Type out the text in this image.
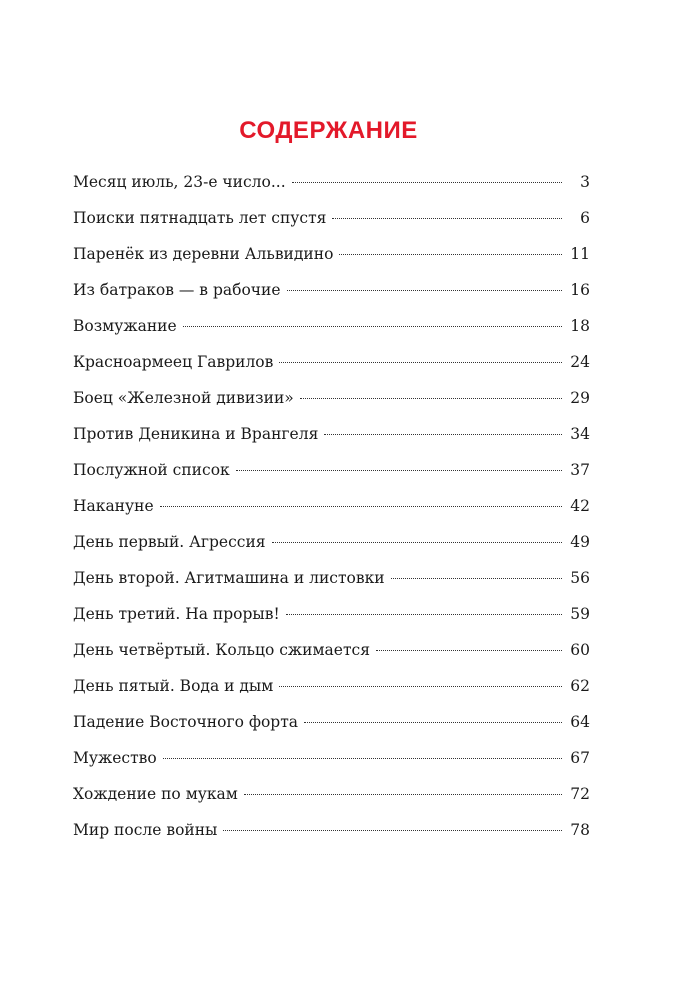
СОДЕРЖАНИЕ
Месяц июль, 23-е число...	3
Поиски пятнадцать лет спустя	6
Паренёк из деревни Альвидино	11
Из батраков — в рабочие	16
Возмужание	18
Красноармеец Гаврилов	24
Боец «Железной дивизии»	29
Против Деникина и Врангеля	34
Послужной список	37
Накануне	42
День первый. Агрессия	49
День второй. Агитмашина и листовки	56
День третий. На прорыв!	59
День четвёртый. Кольцо сжимается	60
День пятый. Вода и дым	62
Падение Восточного форта	64
Мужество	67
Хождение по мукам	72
Мир после войны	78
